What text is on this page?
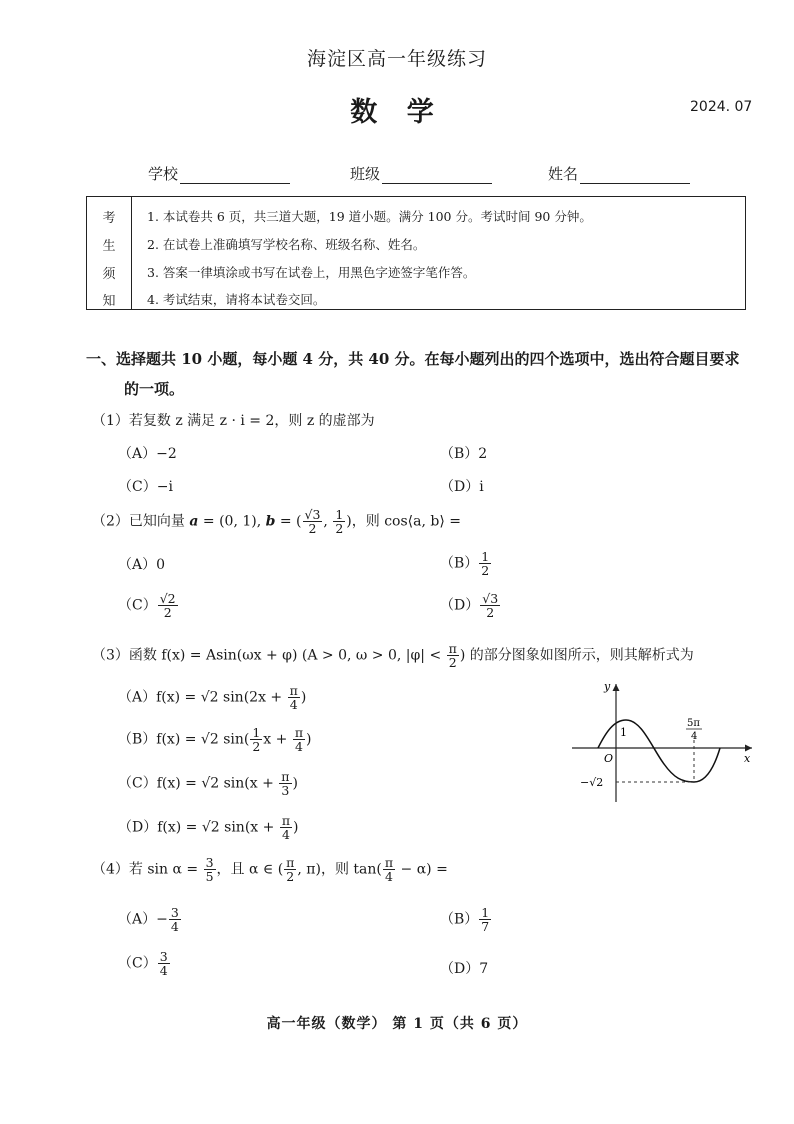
海淀区高一年级练习
数 学	2024. 07
学校	班级	姓名
考
生
须
知
1. 本试卷共 6 页，共三道大题，19 道小题。满分 100 分。考试时间 90 分钟。
2. 在试卷上准确填写学校名称、班级名称、姓名。
3. 答案一律填涂或书写在试卷上，用黑色字迹签字笔作答。
4. 考试结束，请将本试卷交回。
一、选择题共 10 小题，每小题 4 分，共 40 分。在每小题列出的四个选项中，选出符合题目要求
的一项。
（1）若复数 z 满足 z · i = 2，则 z 的虚部为
（A）−2	（B）2
（C）−i	（D）i
（2）已知向量 a = (0, 1), b = ( $\frac{√3}{2}$ , $\frac{1}{2}$ )，则 cos⟨a, b⟩ =
（A）0	$(B) \frac{1}{2}$
$(C) \frac{√2}{2}$	$(D) \frac{√3}{2}$
（3）函数 f(x) = Asin(ωx + φ) (A > 0, ω > 0, $|\varphi| < \frac{\pi}{2}$ ) 的部分图象如图所示，则其解析式为
（A）f(x) = √2 $\sin(2x + \frac{\pi}{4}$ )
（B）f(x) = √2 $\sin( \frac{1}{2}$ $x + \frac{\pi}{4}$ )
（C）f(x) = √2 $\sin(x + \frac{\pi}{3}$ )
（D）f(x) = √2 $\sin(x + \frac{\pi}{4}$ )
y
x
O
1
5π
4
−√2
（4）若 $\sin \alpha = \frac{3}{5}$ ，且 α ∈ ( $\frac{\pi}{2}$ , π)，则 $\tan( \frac{\pi}{4} - \alpha)$ =
$(A)- \frac{3}{4}$	$(B) \frac{1}{7}$
$(C) \frac{3}{4}$	（D）7
高一年级（数学） 第 1 页（共 6 页）
